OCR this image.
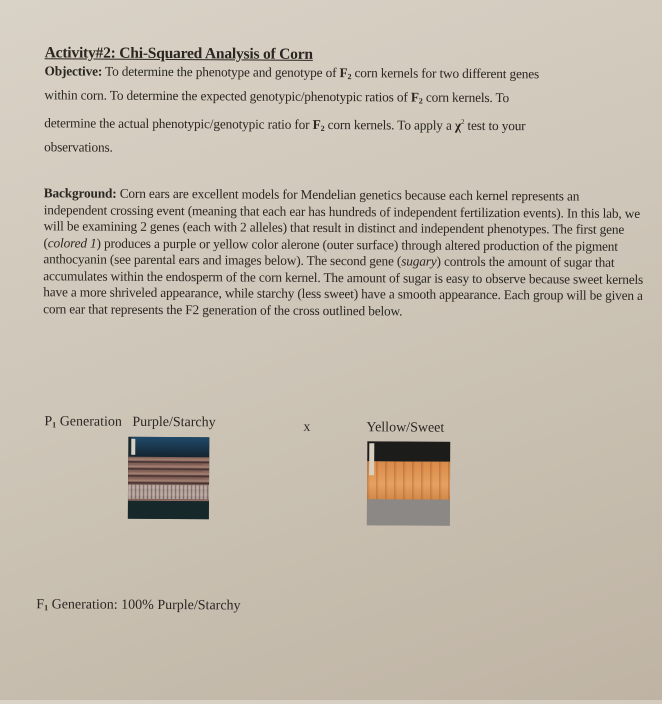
Activity#2: Chi-Squared Analysis of Corn
Objective: To determine the phenotype and genotype of $F_2$ corn kernels for two different genes
within corn. To determine the expected genotypic/phenotypic ratios of $F_2$ corn kernels. To
determine the actual phenotypic/genotypic ratio for $F_2$ corn kernels. To apply a $\chi^2$ test to your
observations.
Background: Corn ears are excellent models for Mendelian genetics because each kernel represents an independent crossing event (meaning that each ear has hundreds of independent fertilization events). In this lab, we will be examining 2 genes (each with 2 alleles) that result in distinct and independent phenotypes. The first gene (colored 1) produces a purple or yellow color alerone (outer surface) through altered production of the pigment anthocyanin (see parental ears and images below). The second gene (sugary) controls the amount of sugar that accumulates within the endosperm of the corn kernel. The amount of sugar is easy to observe because sweet kernels have a more shriveled appearance, while starchy (less sweet) have a smooth appearance. Each group will be given a corn ear that represents the F2 generation of the cross outlined below.
$P_1$ Generation Purple/Starchy	x	Yellow/Sweet
$F_1$ Generation: 100% Purple/Starchy
